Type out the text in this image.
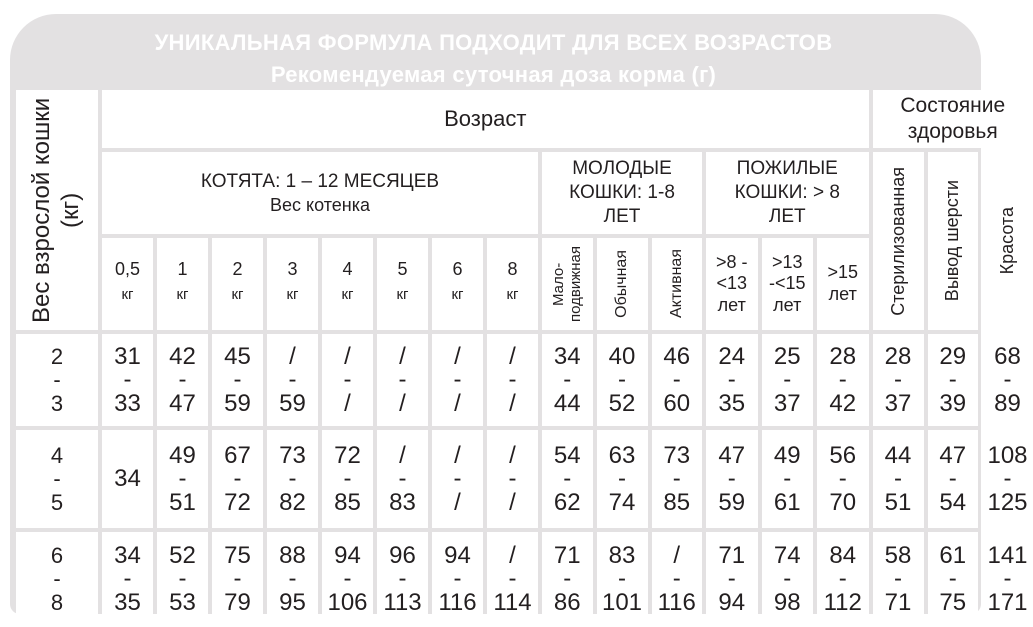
УНИКАЛЬНАЯ ФОРМУЛА ПОДХОДИТ ДЛЯ ВСЕХ ВОЗРАСТОВ
Рекомендуемая суточная доза корма (г)
Вес взрослой кошки (кг)
Возраст
Состояние здоровья
КОТЯТА: 1 – 12 МЕСЯЦЕВ
Вес котенка
МОЛОДЫЕ КОШКИ: 1-8 ЛЕТ
ПОЖИЛЫЕ КОШКИ: > 8 ЛЕТ	Стерилизованная Вывод шерсти Красота
0,5
кг
1
кг
2
кг
3
кг
4
кг
5
кг
6
кг
8
кг Мало-подвижная Обычная Активная >8 -
<13
лет
>13
-<15
лет
>15
лет
2
-
3
31
-
33
42
-
47
45
-
59
/
-
59
/
-
/
/
-
/
/
-
/
/
-
/
34
-
44
40
-
52
46
-
60
24
-
35
25
-
37
28
-
42
28
-
37
29
-
39
68
-
89
4
-
5
34
49
-
51
67
-
72
73
-
82
72
-
85
/
-
83
/
-
/
/
-
/
54
-
62
63
-
74
73
-
85
47
-
59
49
-
61
56
-
70
44
-
51
47
-
54
108
-
125
6
-
8
34
-
35
52
-
53
75
-
79
88
-
95
94
-
106
96
-
113
94
-
116
/
-
114
71
-
86
83
-
101
/
-
116
71
-
94
74
-
98
84
-
112
58
-
71
61
-
75
141
-
171
